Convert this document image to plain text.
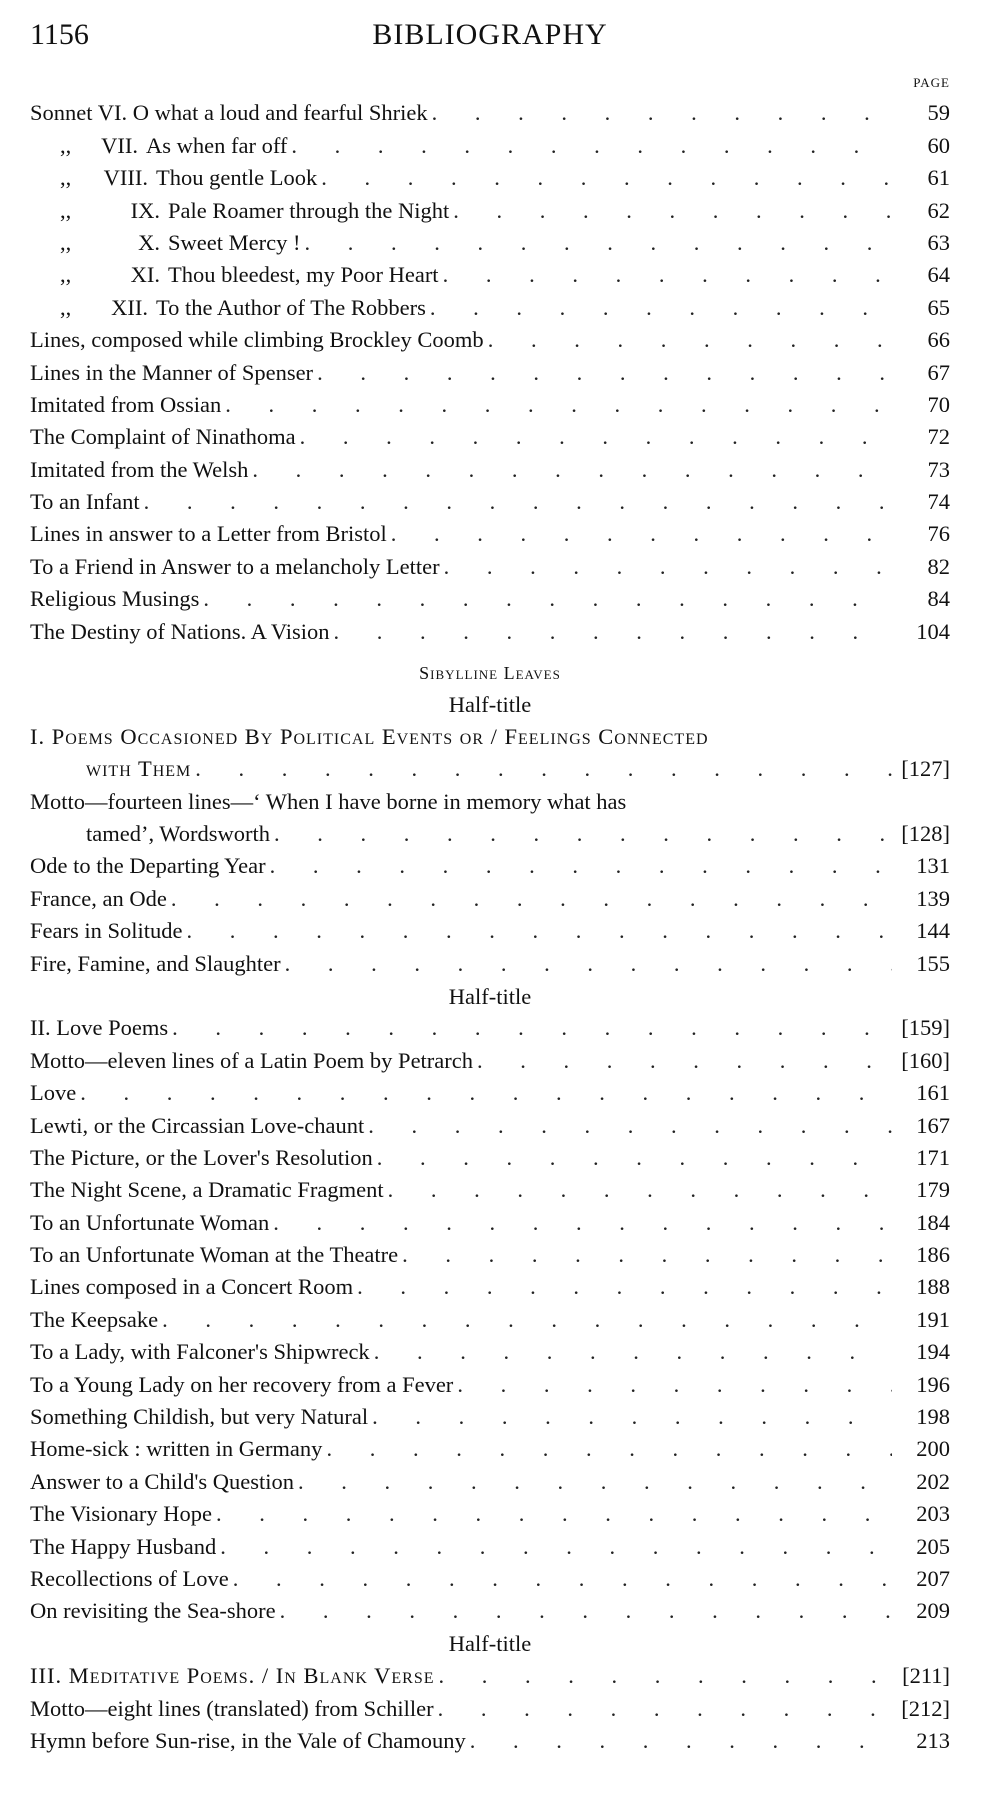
1156	BIBLIOGRAPHY
PAGE
Sonnet VI. O what a loud and fearful Shriek . . .	59
,, VII. As when far off . . .	60
,, VIII. Thou gentle Look . . .	61
,,	IX. Pale Roamer through the Night . . .	62
,,	X. Sweet Mercy ! . . .	63
,,	XI. Thou bleedest, my Poor Heart . . .	64
,, XII. To the Author of The Robbers . . .	65
Lines, composed while climbing Brockley Coomb . . .	66
Lines in the Manner of Spenser . . .	67
Imitated from Ossian . . .	70
The Complaint of Ninathoma . . .	72
Imitated from the Welsh . . .	73
To an Infant . . .	74
Lines in answer to a Letter from Bristol . . .	76
To a Friend in Answer to a melancholy Letter . . .	82
Religious Musings . . .	84
The Destiny of Nations. A Vision . . .	104
Sibylline Leaves
Half-title
I. Poems Occasioned By Political Events or / Feelings Connected
with Them . . .	[127]
Motto—fourteen lines—‘ When I have borne in memory what has
tamed’, Wordsworth . . .	[128]
Ode to the Departing Year . . .	131
France, an Ode . . .	139
Fears in Solitude . . .	144
Fire, Famine, and Slaughter . . .	155
Half-title
II. Love Poems . . .	[159]
Motto—eleven lines of a Latin Poem by Petrarch . . .	[160]
Love . . .	161
Lewti, or the Circassian Love-chaunt . . .	167
The Picture, or the Lover's Resolution . . .	171
The Night Scene, a Dramatic Fragment . . .	179
To an Unfortunate Woman . . .	184
To an Unfortunate Woman at the Theatre . . .	186
Lines composed in a Concert Room . . .	188
The Keepsake . . .	191
To a Lady, with Falconer's Shipwreck . . .	194
To a Young Lady on her recovery from a Fever . . .	196
Something Childish, but very Natural . . .	198
Home-sick : written in Germany . . .	200
Answer to a Child's Question . . .	202
The Visionary Hope . . .	203
The Happy Husband . . .	205
Recollections of Love . . .	207
On revisiting the Sea-shore . . .	209
Half-title
III. Meditative Poems. / In Blank Verse . . .	[211]
Motto—eight lines (translated) from Schiller . . .	[212]
Hymn before Sun-rise, in the Vale of Chamouny . . .	213
